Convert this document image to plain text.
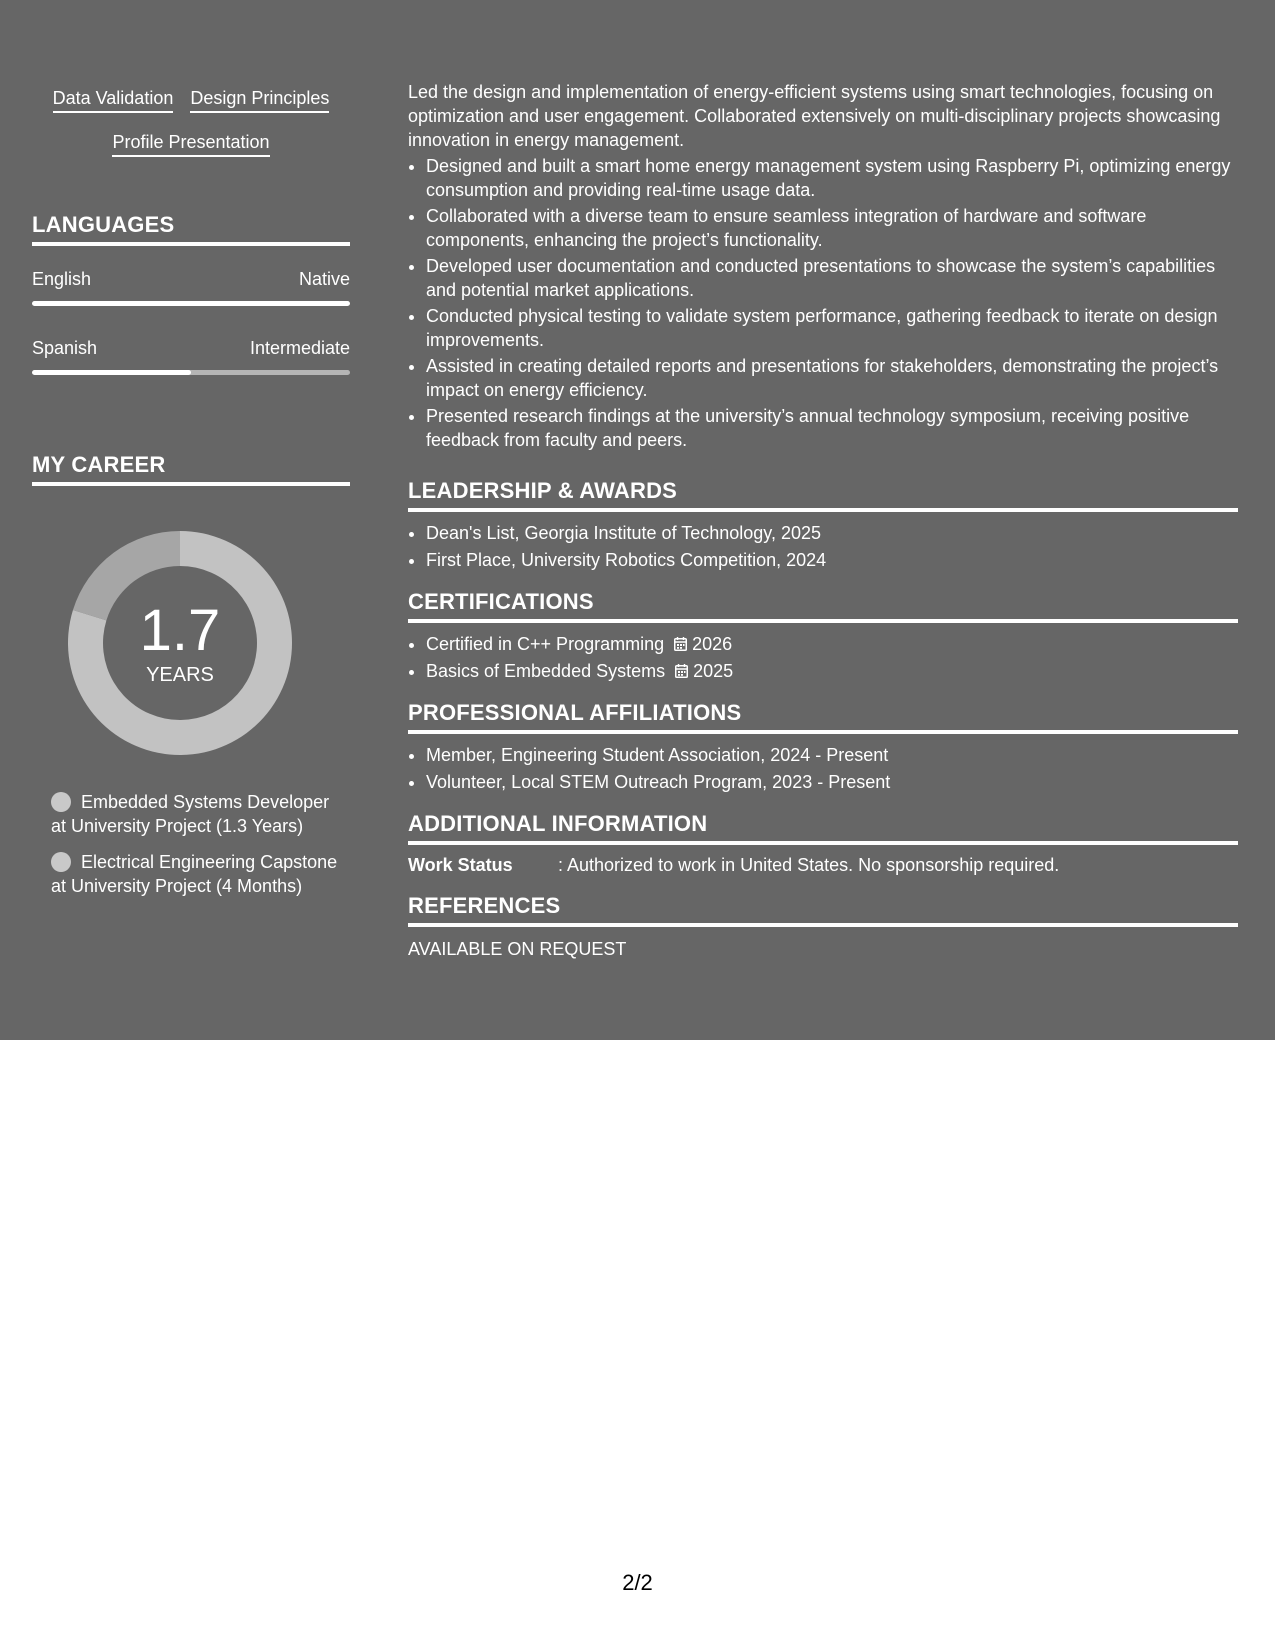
Data Validation Design Principles
Profile Presentation
LANGUAGES
English	Native
Spanish	Intermediate
MY CAREER
1.7
YEARS
Embedded Systems Developer at University Project (1.3 Years)
Electrical Engineering Capstone at University Project (4 Months)
Led the design and implementation of energy-efficient systems using smart technologies, focusing on optimization and user engagement. Collaborated extensively on multi-disciplinary projects showcasing innovation in energy management.
• Designed and built a smart home energy management system using Raspberry Pi, optimizing energy consumption and providing real-time usage data.
• Collaborated with a diverse team to ensure seamless integration of hardware and software components, enhancing the project’s functionality.
• Developed user documentation and conducted presentations to showcase the system’s capabilities and potential market applications.
• Conducted physical testing to validate system performance, gathering feedback to iterate on design improvements.
• Assisted in creating detailed reports and presentations for stakeholders, demonstrating the project’s impact on energy efficiency.
• Presented research findings at the university’s annual technology symposium, receiving positive feedback from faculty and peers.
LEADERSHIP & AWARDS
• Dean's List, Georgia Institute of Technology, 2025
• First Place, University Robotics Competition, 2024
CERTIFICATIONS
• Certified in C++ Programming 2026
• Basics of Embedded Systems 2025
PROFESSIONAL AFFILIATIONS
• Member, Engineering Student Association, 2024 - Present
• Volunteer, Local STEM Outreach Program, 2023 - Present
ADDITIONAL INFORMATION
Work Status	: Authorized to work in United States. No sponsorship required.
REFERENCES
AVAILABLE ON REQUEST
2/2
